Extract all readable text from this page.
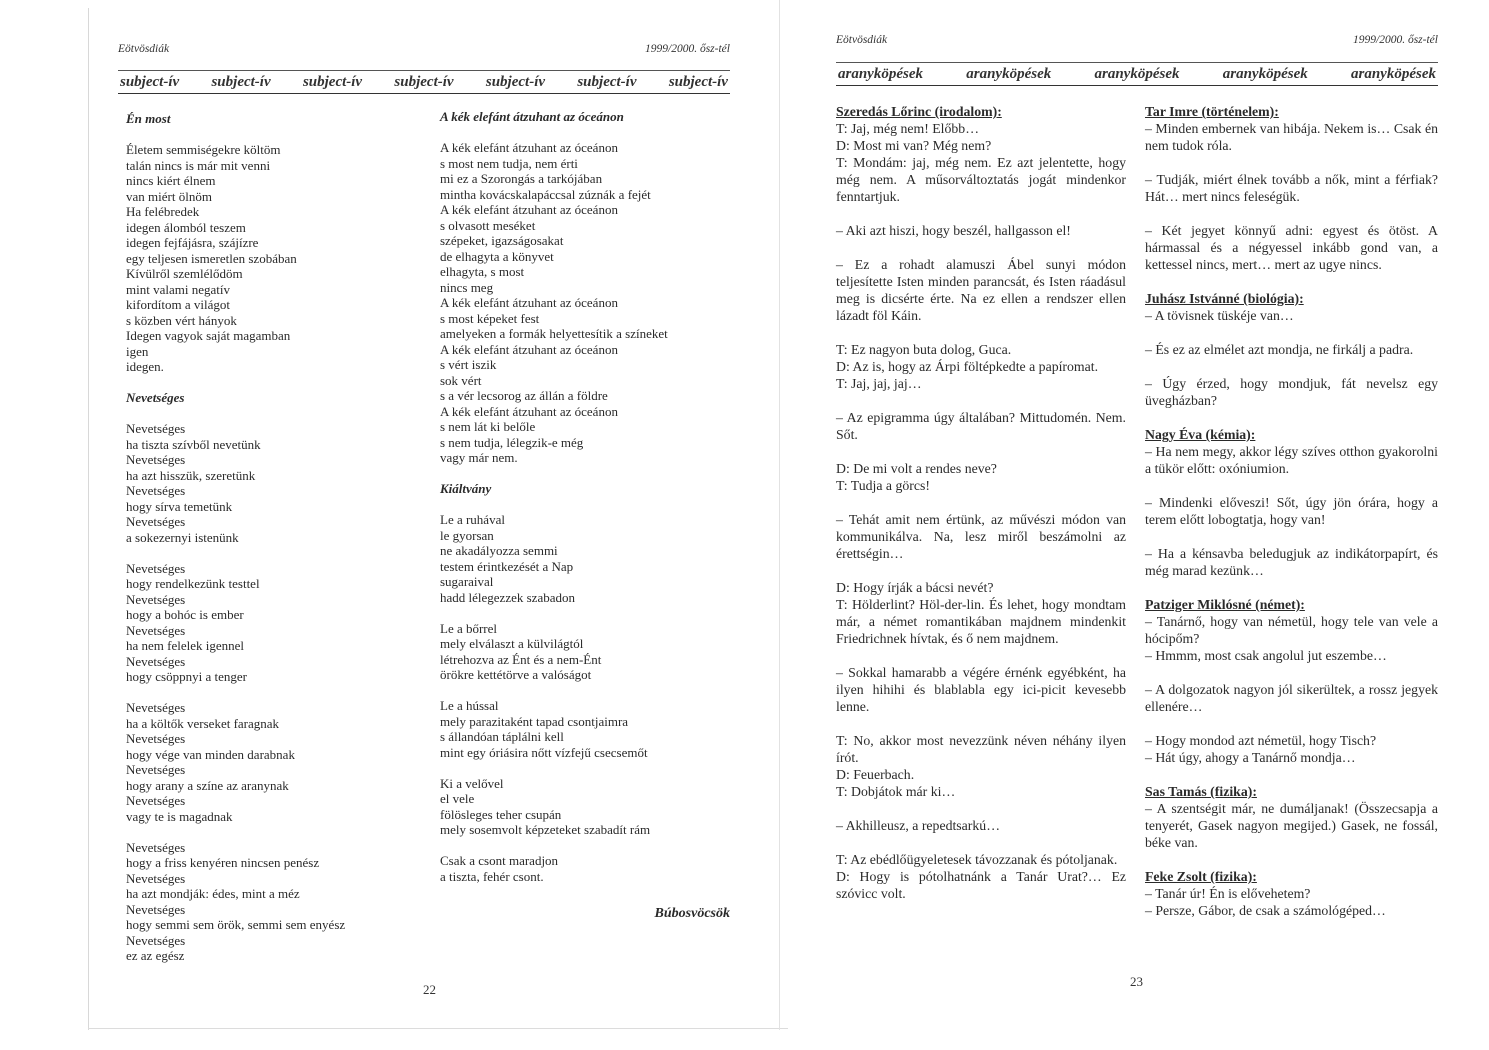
Eötvösdiák	1999/2000. ősz-tél
subject-ív subject-ív subject-ív subject-ív subject-ív subject-ív subject-ív
Én most
Életem semmiségekre költöm
talán nincs is már mit venni
nincs kiért élnem
van miért ölnöm
Ha felébredek
idegen álomból teszem
idegen fejfájásra, szájízre
egy teljesen ismeretlen szobában
Kívülről szemlélődöm
mint valami negatív
kifordítom a világot
s közben vért hányok
Idegen vagyok saját magamban
igen
idegen.
Nevetséges
Nevetséges
ha tiszta szívből nevetünk
Nevetséges
ha azt hisszük, szeretünk
Nevetséges
hogy sírva temetünk
Nevetséges
a sokezernyi istenünk
Nevetséges
hogy rendelkezünk testtel
Nevetséges
hogy a bohóc is ember
Nevetséges
ha nem felelek igennel
Nevetséges
hogy csöppnyi a tenger
Nevetséges
ha a költők verseket faragnak
Nevetséges
hogy vége van minden darabnak
Nevetséges
hogy arany a színe az aranynak
Nevetséges
vagy te is magadnak
Nevetséges
hogy a friss kenyéren nincsen penész
Nevetséges
ha azt mondják: édes, mint a méz
Nevetséges
hogy semmi sem örök, semmi sem enyész
Nevetséges
ez az egész
A kék elefánt átzuhant az óceánon
A kék elefánt átzuhant az óceánon
s most nem tudja, nem érti
mi ez a Szorongás a tarkójában
mintha kovácskalapáccsal zúznák a fejét
A kék elefánt átzuhant az óceánon
s olvasott meséket
szépeket, igazságosakat
de elhagyta a könyvet
elhagyta, s most
nincs meg
A kék elefánt átzuhant az óceánon
s most képeket fest
amelyeken a formák helyettesítik a színeket
A kék elefánt átzuhant az óceánon
s vért iszik
sok vért
s a vér lecsorog az állán a földre
A kék elefánt átzuhant az óceánon
s nem lát ki belőle
s nem tudja, lélegzik-e még
vagy már nem.
Kiáltvány
Le a ruhával
le gyorsan
ne akadályozza semmi
testem érintkezését a Nap
sugaraival
hadd lélegezzek szabadon
Le a bőrrel
mely elválaszt a külvilágtól
létrehozva az Ént és a nem-Ént
örökre kettétörve a valóságot
Le a hússal
mely parazitaként tapad csontjaimra
s állandóan táplálni kell
mint egy óriásira nőtt vízfejű csecsemőt
Ki a velővel
el vele
fölösleges teher csupán
mely sosemvolt képzeteket szabadít rám
Csak a csont maradjon
a tiszta, fehér csont.
Búbosvöcsök
22
Eötvösdiák	1999/2000. ősz-tél
aranyköpések	aranyköpések	aranyköpések	aranyköpések	aranyköpések
Szeredás Lőrinc (irodalom):

T: Jaj, még nem! Előbb…

D: Most mi van? Még nem?

T: Mondám: jaj, még nem. Ez azt jelentette, hogy még nem. A műsorváltoztatás jogát mindenkor fenntartjuk.

– Aki azt hiszi, hogy beszél, hallgasson el!

– Ez a rohadt alamuszi Ábel sunyi módon teljesítette Isten minden parancsát, és Isten ráadásul meg is dicsérte érte. Na ez ellen a rendszer ellen lázadt föl Káin.

T: Ez nagyon buta dolog, Guca.

D: Az is, hogy az Árpi föltépkedte a papíromat.

T: Jaj, jaj, jaj…

– Az epigramma úgy általában? Mittudomén. Nem. Sőt.

D: De mi volt a rendes neve?

T: Tudja a görcs!

– Tehát amit nem értünk, az művészi módon van kommunikálva. Na, lesz miről beszámolni az érettségin…

D: Hogy írják a bácsi nevét?

T: Hölderlint? Höl-der-lin. És lehet, hogy mondtam már, a német romantikában majdnem mindenkit Friedrichnek hívtak, és ő nem majdnem.

– Sokkal hamarabb a végére érnénk egyébként, ha ilyen hihihi és blablabla egy ici-picit kevesebb lenne.

T: No, akkor most nevezzünk néven néhány ilyen írót.

D: Feuerbach.

T: Dobjátok már ki…

– Akhilleusz, a repedtsarkú…

T: Az ebédlőügyeletesek távozzanak és pótoljanak.

D: Hogy is pótolhatnánk a Tanár Urat?… Ez szóvicc volt.

Tar Imre (történelem):

– Minden embernek van hibája. Nekem is… Csak én nem tudok róla.

– Tudják, miért élnek tovább a nők, mint a férfiak? Hát… mert nincs feleségük.

– Két jegyet könnyű adni: egyest és ötöst. A hármassal és a négyessel inkább gond van, a kettessel nincs, mert… mert az ugye nincs.

Juhász Istvánné (biológia):

– A tövisnek tüskéje van…

– És ez az elmélet azt mondja, ne firkálj a padra.

– Úgy érzed, hogy mondjuk, fát nevelsz egy üvegházban?

Nagy Éva (kémia):

– Ha nem megy, akkor légy szíves otthon gyakorolni a tükör előtt: oxóniumion.

– Mindenki előveszi! Sőt, úgy jön órára, hogy a terem előtt lobogtatja, hogy van!

– Ha a kénsavba beledugjuk az indikátorpapírt, és még marad kezünk…

Patziger Miklósné (német):

– Tanárnő, hogy van németül, hogy tele van vele a hócipőm?

– Hmmm, most csak angolul jut eszembe…

– A dolgozatok nagyon jól sikerültek, a rossz jegyek ellenére…

– Hogy mondod azt németül, hogy Tisch?

– Hát úgy, ahogy a Tanárnő mondja…

Sas Tamás (fizika):

– A szentségit már, ne dumáljanak! (Összecsapja a tenyerét, Gasek nagyon megijed.) Gasek, ne fossál, béke van.

Feke Zsolt (fizika):

– Tanár úr! Én is elővehetem?

– Persze, Gábor, de csak a számológéped…

23
